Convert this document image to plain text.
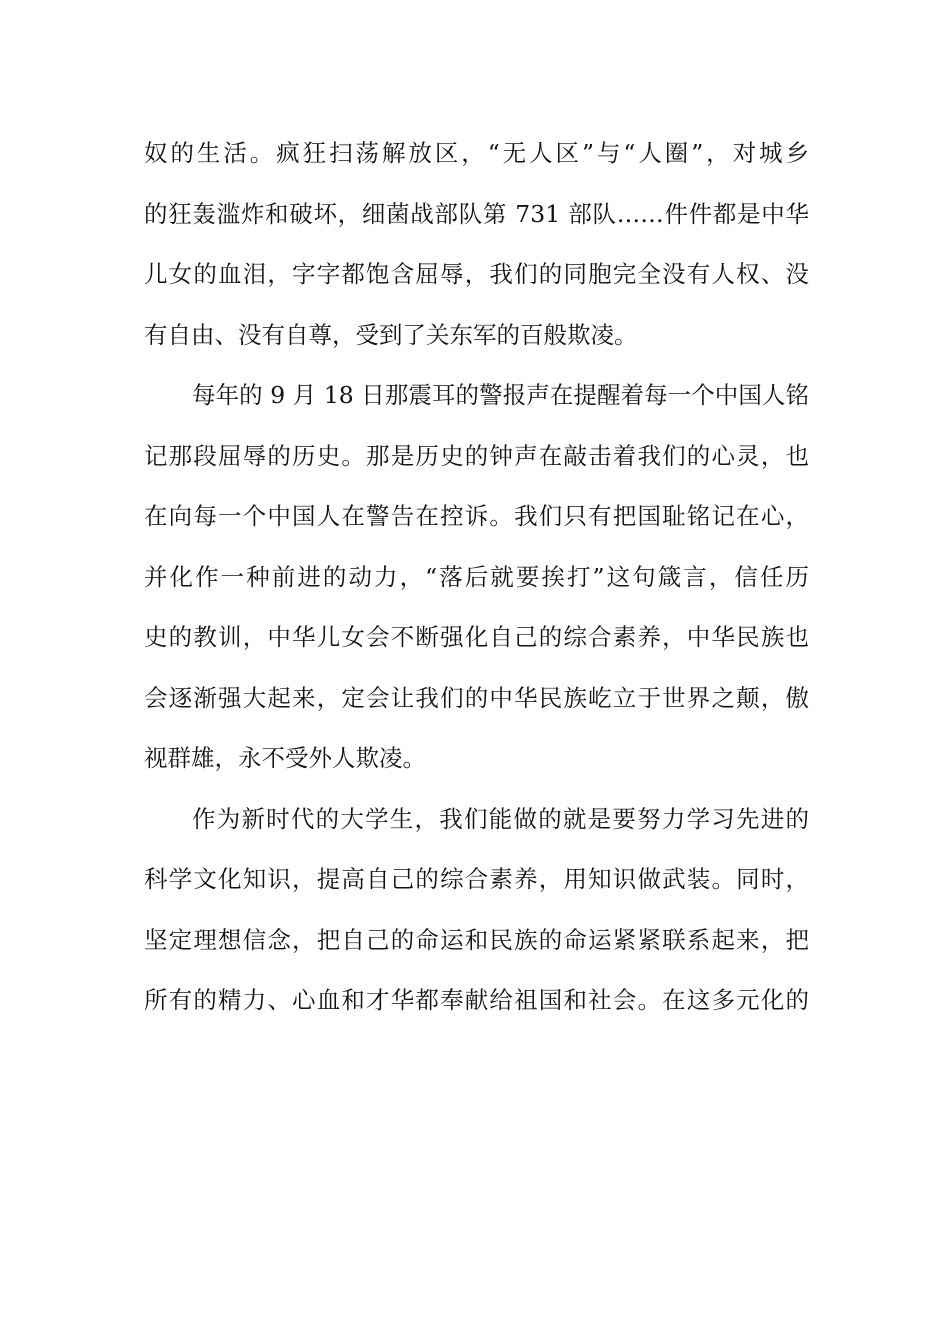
奴的生活。疯狂扫荡解放区，“无人区”与“人圈”，对城乡
的狂轰滥炸和破坏，细菌战部队第 731 部队……件件都是中华
儿女的血泪，字字都饱含屈辱，我们的同胞完全没有人权、没
有自由、没有自尊，受到了关东军的百般欺凌。
每年的 9 月 18 日那震耳的警报声在提醒着每一个中国人铭
记那段屈辱的历史。那是历史的钟声在敲击着我们的心灵，也
在向每一个中国人在警告在控诉。我们只有把国耻铭记在心，
并化作一种前进的动力，“落后就要挨打”这句箴言，信任历
史的教训，中华儿女会不断强化自己的综合素养，中华民族也
会逐渐强大起来，定会让我们的中华民族屹立于世界之颠，傲
视群雄，永不受外人欺凌。
作为新时代的大学生，我们能做的就是要努力学习先进的
科学文化知识，提高自己的综合素养，用知识做武装。同时，
坚定理想信念，把自己的命运和民族的命运紧紧联系起来，把
所有的精力、心血和才华都奉献给祖国和社会。在这多元化的
